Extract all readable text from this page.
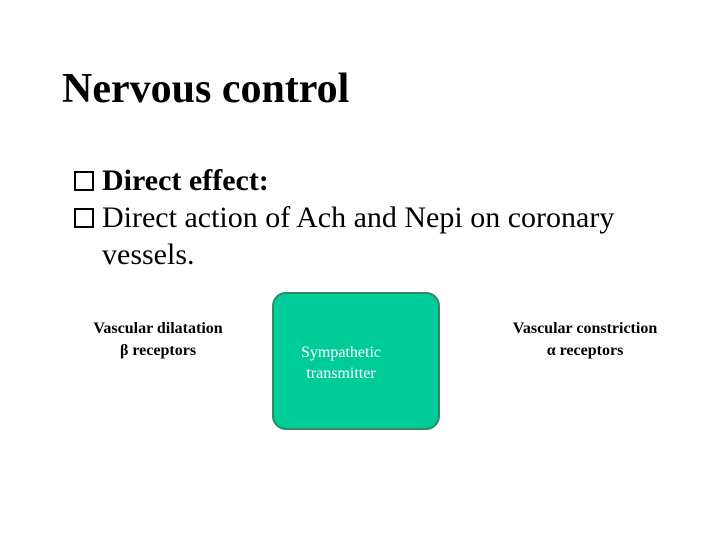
Nervous control
Direct effect:
Direct action of Ach and Nepi on coronary vessels.
Vascular dilatation
β receptors	Sympathetic
transmitter
Vascular constriction
α receptors
